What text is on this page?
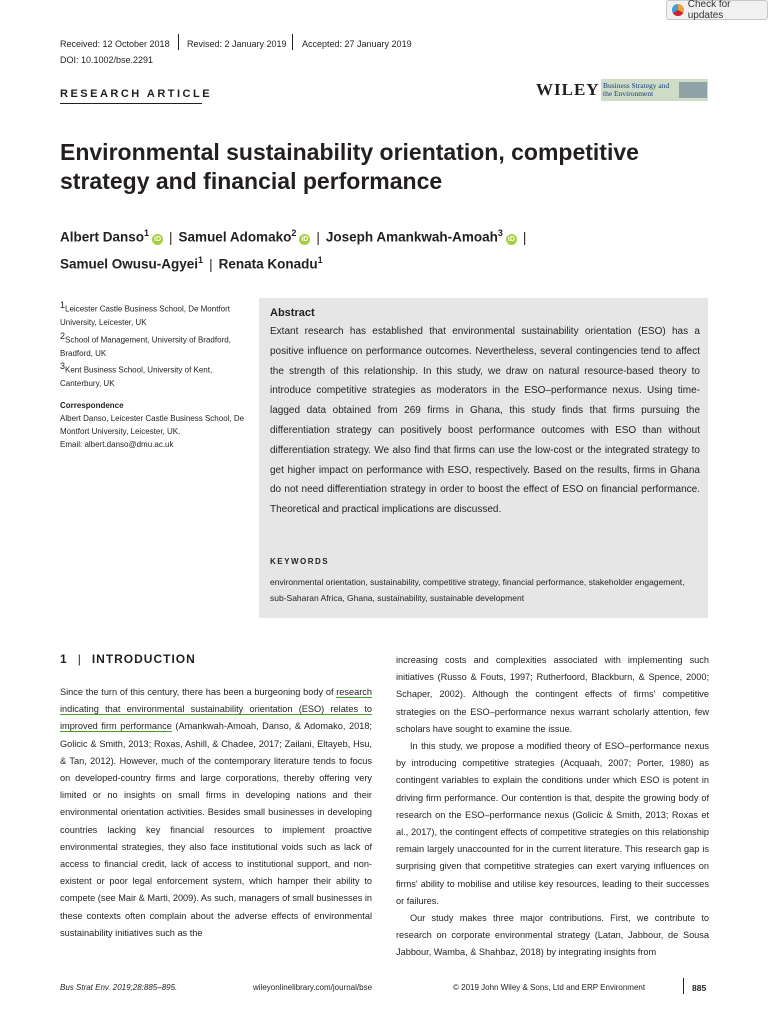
Check for updates
Received: 12 October 2018 Revised: 2 January 2019 Accepted: 27 January 2019
DOI: 10.1002/bse.2291
RESEARCH ARTICLE	WILEY Business Strategy and the Environment
Environmental sustainability orientation, competitive strategy and financial performance
Albert Danso$^1$iD | Samuel Adomako$^2$iD | Joseph Amankwah-Amoah$^3$iD |
Samuel Owusu-Agyei$^1$ | Renata Konadu$^1$
$^1$Leicester Castle Business School, De Montfort University, Leicester, UK
$^2$School of Management, University of Bradford, Bradford, UK
$^3$Kent Business School, University of Kent, Canterbury, UK
Correspondence
Albert Danso, Leicester Castle Business School, De Montfort University, Leicester, UK.
Email: albert.danso@dmu.ac.uk
Abstract
Extant research has established that environmental sustainability orientation (ESO) has a positive influence on performance outcomes. Nevertheless, several contingencies tend to affect the strength of this relationship. In this study, we draw on natural resource-based theory to introduce competitive strategies as moderators in the ESO–performance nexus. Using time-lagged data obtained from 269 firms in Ghana, this study finds that firms pursuing the differentiation strategy can positively boost performance outcomes with ESO than without differentiation strategy. We also find that firms can use the low-cost or the integrated strategy to get higher impact on performance with ESO, respectively. Based on the results, firms in Ghana do not need differentiation strategy in order to boost the effect of ESO on financial performance. Theoretical and practical implications are discussed.
KEYWORDS
environmental orientation, sustainability, competitive strategy, financial performance, stakeholder engagement, sub-Saharan Africa, Ghana, sustainability, sustainable development
1 | INTRODUCTION
Since the turn of this century, there has been a burgeoning body of research indicating that environmental sustainability orientation (ESO) relates to improved firm performance (Amankwah-Amoah, Danso, & Adomako, 2018; Golicic & Smith, 2013; Roxas, Ashill, & Chadee, 2017; Zailani, Eltayeb, Hsu, & Tan, 2012). However, much of the contemporary literature tends to focus on developed-country firms and large corporations, thereby offering very limited or no insights on small firms in developing nations and their environmental orientation activities. Besides small businesses in developing countries lacking key financial resources to implement proactive environmental strategies, they also face institutional voids such as lack of access to financial credit, lack of access to institutional support, and non-existent or poor legal enforcement system, which hamper their ability to compete (see Mair & Marti, 2009). As such, managers of small businesses in these contexts often complain about the adverse effects of environmental sustainability initiatives such as the
increasing costs and complexities associated with implementing such initiatives (Russo & Fouts, 1997; Rutherfoord, Blackburn, & Spence, 2000; Schaper, 2002). Although the contingent effects of firms' competitive strategies on the ESO–performance nexus warrant scholarly attention, few scholars have sought to examine the issue.
In this study, we propose a modified theory of ESO–performance nexus by introducing competitive strategies (Acquaah, 2007; Porter, 1980) as contingent variables to explain the conditions under which ESO is potent in driving firm performance. Our contention is that, despite the growing body of research on the ESO–performance nexus (Golicic & Smith, 2013; Roxas et al., 2017), the contingent effects of competitive strategies on this relationship remain largely unaccounted for in the current literature. This research gap is surprising given that competitive strategies can exert varying influences on firms' ability to mobilise and utilise key resources, leading to their successes or failures.
Our study makes three major contributions. First, we contribute to research on corporate environmental strategy (Latan, Jabbour, de Sousa Jabbour, Wamba, & Shahbaz, 2018) by integrating insights from
Bus Strat Env. 2019;28:885–895.	wileyonlinelibrary.com/journal/bse	© 2019 John Wiley & Sons, Ltd and ERP Environment	885
